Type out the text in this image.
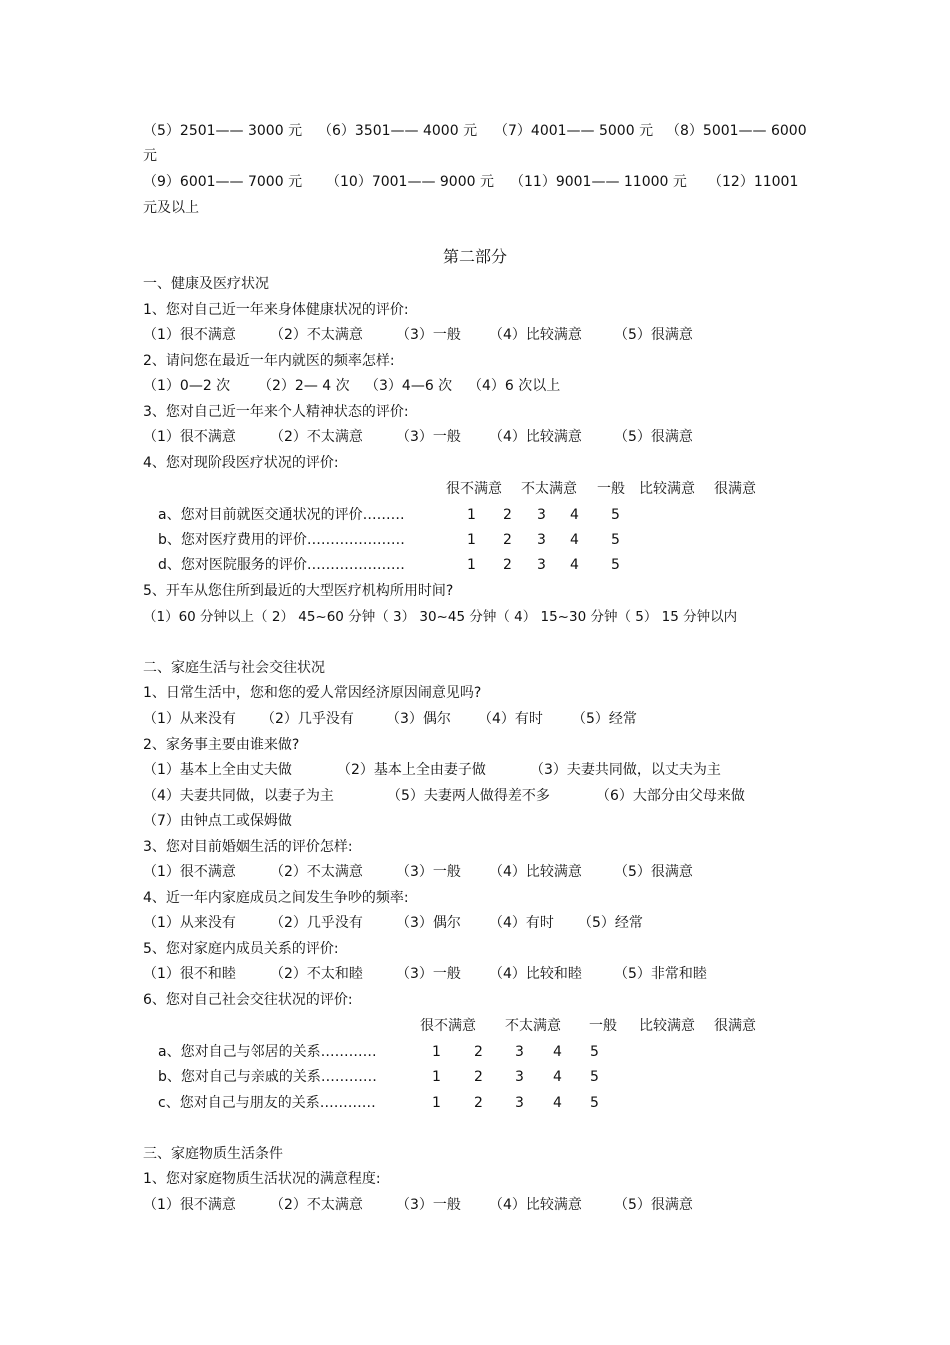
（5）2501—— 3000 元 （6）3501—— 4000 元 （7）4001—— 5000 元 （8）5001—— 6000
元
（9）6001—— 7000 元 （10）7001—— 9000 元 （11）9001—— 11000 元 （12）11001
元及以上
第二部分
一、健康及医疗状况
1、您对自己近一年来身体健康状况的评价:
（1）很不满意 （2）不太满意 （3）一般 （4）比较满意 （5）很满意
2、请问您在最近一年内就医的频率怎样:
（1）0—2 次 （2）2— 4 次 （3）4—6 次 （4）6 次以上
3、您对自己近一年来个人精神状态的评价:
（1）很不满意 （2）不太满意 （3）一般 （4）比较满意 （5）很满意
4、您对现阶段医疗状况的评价:
很不满意 不太满意 一般 比较满意 很满意
a、您对目前就医交通状况的评价………	1 2 3 4 5
b、您对医疗费用的评价…………………	1 2 3 4 5
d、您对医院服务的评价…………………	1 2 3 4 5
5、开车从您住所到最近的大型医疗机构所用时间?
（1）60 分钟以上（ 2） 45~60 分钟（ 3） 30~45 分钟（ 4） 15~30 分钟（ 5） 15 分钟以内
二、家庭生活与社会交往状况
1、日常生活中，您和您的爱人常因经济原因闹意见吗?
（1）从来没有 （2）几乎没有 （3）偶尔 （4）有时 （5）经常
2、家务事主要由谁来做?
（1）基本上全由丈夫做	（2）基本上全由妻子做	（3）夫妻共同做，以丈夫为主
（4）夫妻共同做，以妻子为主	（5）夫妻两人做得差不多	（6）大部分由父母来做
（7）由钟点工或保姆做
3、您对目前婚姻生活的评价怎样:
（1）很不满意 （2）不太满意 （3）一般 （4）比较满意 （5）很满意
4、近一年内家庭成员之间发生争吵的频率:
（1）从来没有 （2）几乎没有 （3）偶尔 （4）有时 （5）经常
5、您对家庭内成员关系的评价:
（1）很不和睦 （2）不太和睦 （3）一般 （4）比较和睦 （5）非常和睦
6、您对自己社会交往状况的评价:
很不满意 不太满意 一般 比较满意 很满意
a、您对自己与邻居的关系…………	1 2 3 4 5
b、您对自己与亲戚的关系…………	1 2 3 4 5
c、您对自己与朋友的关系…………	1 2 3 4 5
三、家庭物质生活条件
1、您对家庭物质生活状况的满意程度:
（1）很不满意 （2）不太满意 （3）一般 （4）比较满意 （5）很满意
